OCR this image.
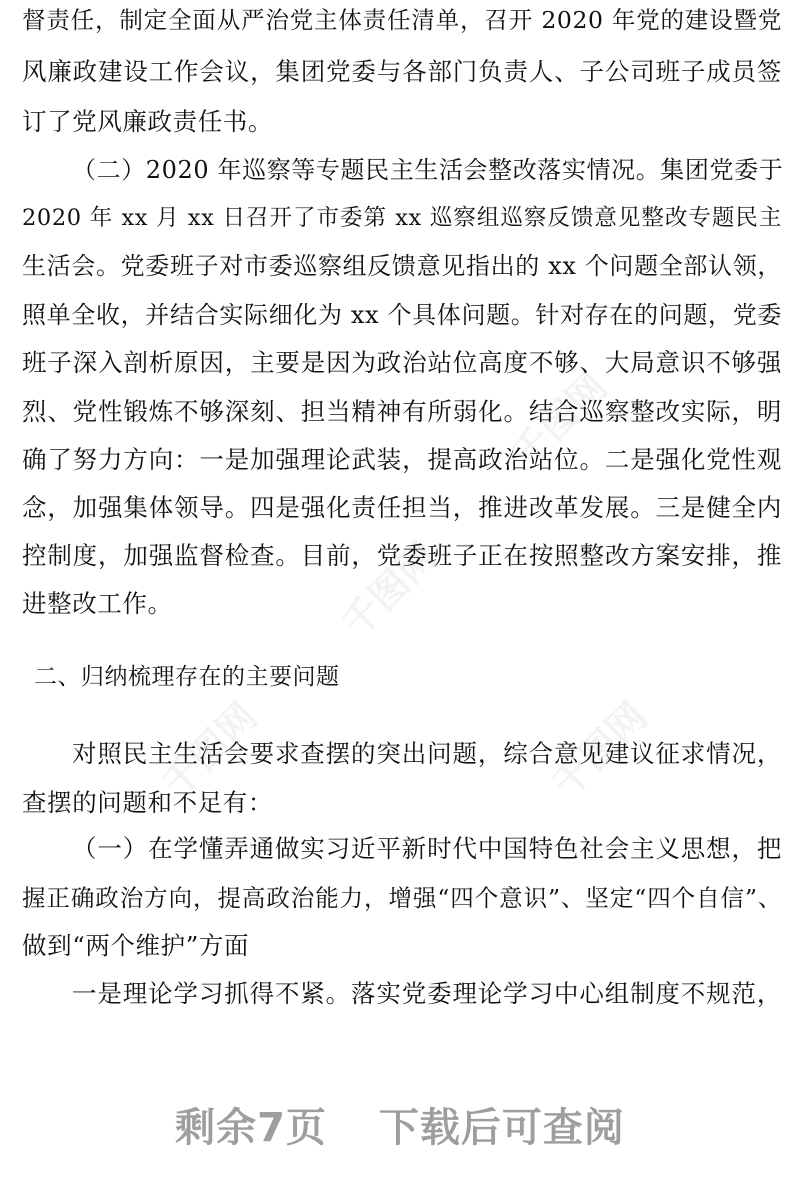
千图网
千图网
千图网	千图网
督责任，制定全面从严治党主体责任清单，召开 2020 年党的建设暨党
风廉政建设工作会议，集团党委与各部门负责人、子公司班子成员签
订了党风廉政责任书。
（二）2020 年巡察等专题民主生活会整改落实情况。集团党委于
2020 年 xx 月 xx 日召开了市委第 xx 巡察组巡察反馈意见整改专题民主
生活会。党委班子对市委巡察组反馈意见指出的 xx 个问题全部认领，
照单全收，并结合实际细化为 xx 个具体问题。针对存在的问题，党委
班子深入剖析原因，主要是因为政治站位高度不够、大局意识不够强
烈、党性锻炼不够深刻、担当精神有所弱化。结合巡察整改实际，明
确了努力方向：一是加强理论武装，提高政治站位。二是强化党性观
念，加强集体领导。四是强化责任担当，推进改革发展。三是健全内
控制度，加强监督检查。目前，党委班子正在按照整改方案安排，推
进整改工作。
二、归纳梳理存在的主要问题
对照民主生活会要求查摆的突出问题，综合意见建议征求情况，
查摆的问题和不足有：
（一）在学懂弄通做实习近平新时代中国特色社会主义思想，把
握正确政治方向，提高政治能力，增强“四个意识”、坚定“四个自信”、
做到“两个维护”方面
一是理论学习抓得不紧。落实党委理论学习中心组制度不规范，
剩余7页 下载后可查阅
